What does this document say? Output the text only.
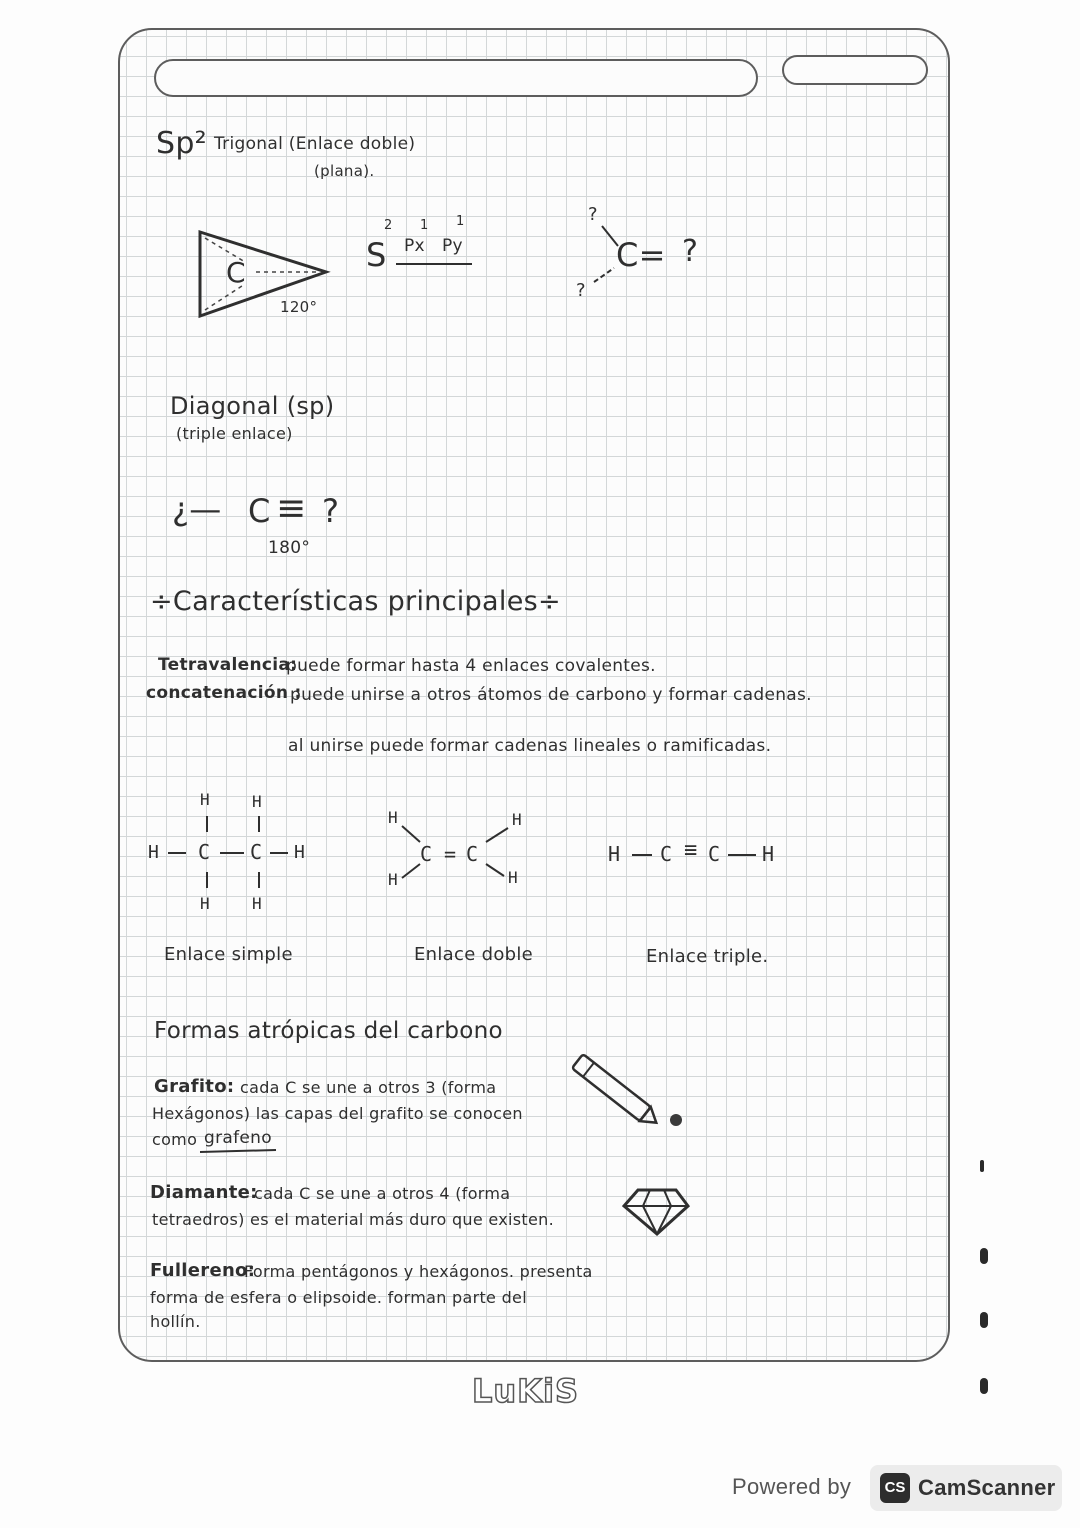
Sp² Trigonal (Enlace doble)
(plana).
C
120°
S
2
Px
1
Py
1	?
?
C= ?
Diagonal (sp)
(triple enlace)
¿— C ≡ ?
180°
÷Características principales÷
Tetravalencia:
puede formar hasta 4 enlaces covalentes.
concatenación :
puede unirse a otros átomos de carbono y formar cadenas.
al unirse puede formar cadenas lineales o ramificadas.
H	H
H C C H
H	H
Enlace simple
H
H
C = C
H
H
Enlace doble
H C ≡ C H
Enlace triple.
Formas atrópicas del carbono
Grafito: cada C se une a otros 3 (forma
Hexágonos) las capas del grafito se conocen
como grafeno
Diamante:
cada C se une a otros 4 (forma
tetraedros) es el material más duro que existen.
Fullereno:
Forma pentágonos y hexágonos. presenta
forma de esfera o elipsoide. forman parte del
hollín.
LuKiS
Powered by	CS CamScanner
